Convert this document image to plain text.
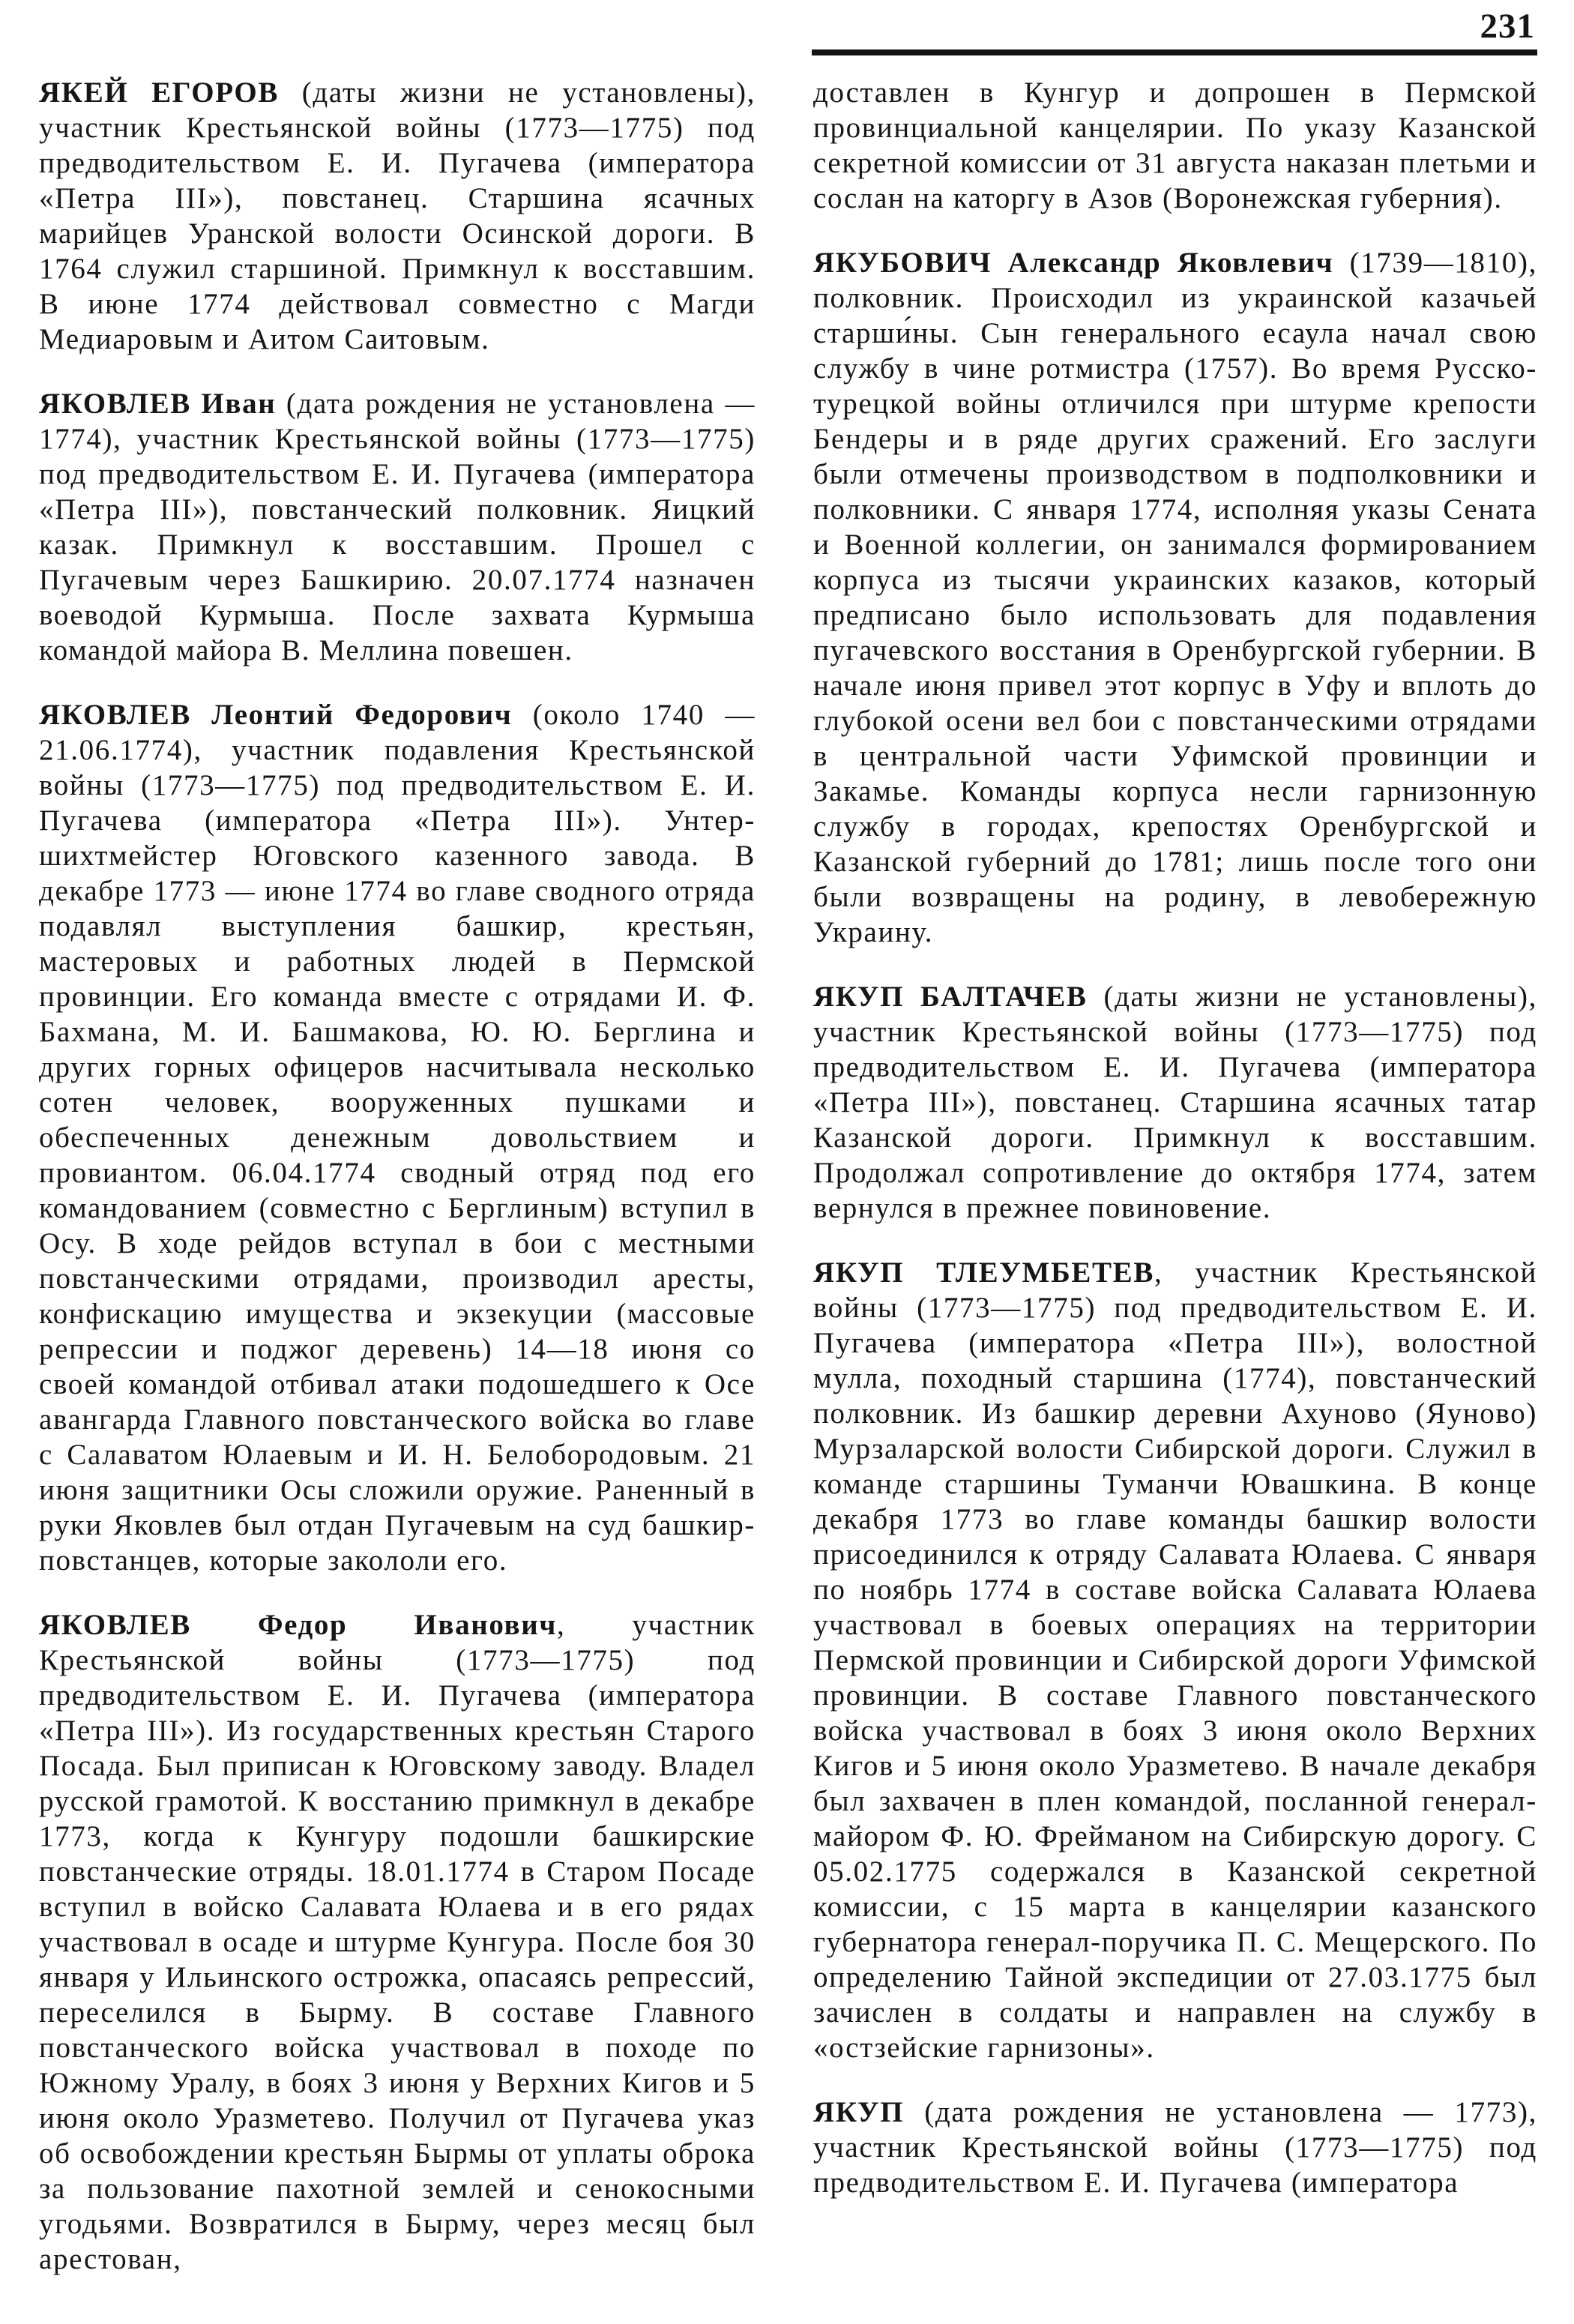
231

ЯКЕЙ ЕГОРОВ (даты жизни не установлены), участник Крестьянской войны (1773—1775) под предводительством Е. И. Пугачева (императора «Петра III»), повстанец. Старшина ясачных марийцев Уранской волости Осинской дороги. В 1764 служил старшиной. Примкнул к восставшим. В июне 1774 действовал совместно с Магди Медиаровым и Аитом Саитовым.

ЯКОВЛЕВ Иван (дата рождения не установлена — 1774), участник Крестьянской войны (1773—1775) под предводительством Е. И. Пугачева (императора «Петра III»), повстанческий полковник. Яицкий казак. Примкнул к восставшим. Прошел с Пугачевым через Башкирию. 20.07.1774 назначен воеводой Курмыша. После захвата Курмыша командой майора В. Меллина повешен.

ЯКОВЛЕВ Леонтий Федорович (около 1740 — 21.06.1774), участник подавления Крестьянской войны (1773—1775) под предводительством Е. И. Пугачева (императора «Петра III»). Унтер-шихтмейстер Юговского казенного завода. В декабре 1773 — июне 1774 во главе сводного отряда подавлял выступления башкир, крестьян, мастеровых и работных людей в Пермской провинции. Его команда вместе с отрядами И. Ф. Бахмана, М. И. Башмакова, Ю. Ю. Берглина и других горных офицеров насчитывала несколько сотен человек, вооруженных пушками и обеспеченных денежным довольствием и провиантом. 06.04.1774 сводный отряд под его командованием (совместно с Берглиным) вступил в Осу. В ходе рейдов вступал в бои с местными повстанческими отрядами, производил аресты, конфискацию имущества и экзекуции (массовые репрессии и поджог деревень) 14—18 июня со своей командой отбивал атаки подошедшего к Осе авангарда Главного повстанческого войска во главе с Салаватом Юлаевым и И. Н. Белобородовым. 21 июня защитники Осы сложили оружие. Раненный в руки Яковлев был отдан Пугачевым на суд башкир-повстанцев, которые закололи его.

ЯКОВЛЕВ Федор Иванович, участник Крестьянской войны (1773—1775) под предводительством Е. И. Пугачева (императора «Петра III»). Из государственных крестьян Старого Посада. Был приписан к Юговскому заводу. Владел русской грамотой. К восстанию примкнул в декабре 1773, когда к Кунгуру подошли башкирские повстанческие отряды. 18.01.1774 в Старом Посаде вступил в войско Салавата Юлаева и в его рядах участвовал в осаде и штурме Кунгура. После боя 30 января у Ильинского острожка, опасаясь репрессий, переселился в Бырму. В составе Главного повстанческого войска участвовал в походе по Южному Уралу, в боях 3 июня у Верхних Кигов и 5 июня около Уразметево. Получил от Пугачева указ об освобождении крестьян Бырмы от уплаты оброка за пользование пахотной землей и сенокосными угодьями. Возвратился в Бырму, через месяц был арестован,

доставлен в Кунгур и допрошен в Пермской провинциальной канцелярии. По указу Казанской секретной комиссии от 31 августа наказан плетьми и сослан на каторгу в Азов (Воронежская губерния).

ЯКУБОВИЧ Александр Яковлевич (1739—1810), полковник. Происходил из украинской казачьей старши́ны. Сын генерального есаула начал свою службу в чине ротмистра (1757). Во время Русско-турецкой войны отличился при штурме крепости Бендеры и в ряде других сражений. Его заслуги были отмечены производством в подполковники и полковники. С января 1774, исполняя указы Сената и Военной коллегии, он занимался формированием корпуса из тысячи украинских казаков, который предписано было использовать для подавления пугачевского восстания в Оренбургской губернии. В начале июня привел этот корпус в Уфу и вплоть до глубокой осени вел бои с повстанческими отрядами в центральной части Уфимской провинции и Закамье. Команды корпуса несли гарнизонную службу в городах, крепостях Оренбургской и Казанской губерний до 1781; лишь после того они были возвращены на родину, в левобережную Украину.

ЯКУП БАЛТАЧЕВ (даты жизни не установлены), участник Крестьянской войны (1773—1775) под предводительством Е. И. Пугачева (императора «Петра III»), повстанец. Старшина ясачных татар Казанской дороги. Примкнул к восставшим. Продолжал сопротивление до октября 1774, затем вернулся в прежнее повиновение.

ЯКУП ТЛЕУМБЕТЕВ, участник Крестьянской войны (1773—1775) под предводительством Е. И. Пугачева (императора «Петра III»), волостной мулла, походный старшина (1774), повстанческий полковник. Из башкир деревни Ахуново (Яуново) Мурзаларской волости Сибирской дороги. Служил в команде старшины Туманчи Ювашкина. В конце декабря 1773 во главе команды башкир волости присоединился к отряду Салавата Юлаева. С января по ноябрь 1774 в составе войска Салавата Юлаева участвовал в боевых операциях на территории Пермской провинции и Сибирской дороги Уфимской провинции. В составе Главного повстанческого войска участвовал в боях 3 июня около Верхних Кигов и 5 июня около Уразметево. В начале декабря был захвачен в плен командой, посланной генерал-майором Ф. Ю. Фрейманом на Сибирскую дорогу. С 05.02.1775 содержался в Казанской секретной комиссии, с 15 марта в канцелярии казанского губернатора генерал-поручика П. С. Мещерского. По определению Тайной экспедиции от 27.03.1775 был зачислен в солдаты и направлен на службу в «остзейские гарнизоны».

ЯКУП (дата рождения не установлена — 1773), участник Крестьянской войны (1773—1775) под предводительством Е. И. Пугачева (императора
